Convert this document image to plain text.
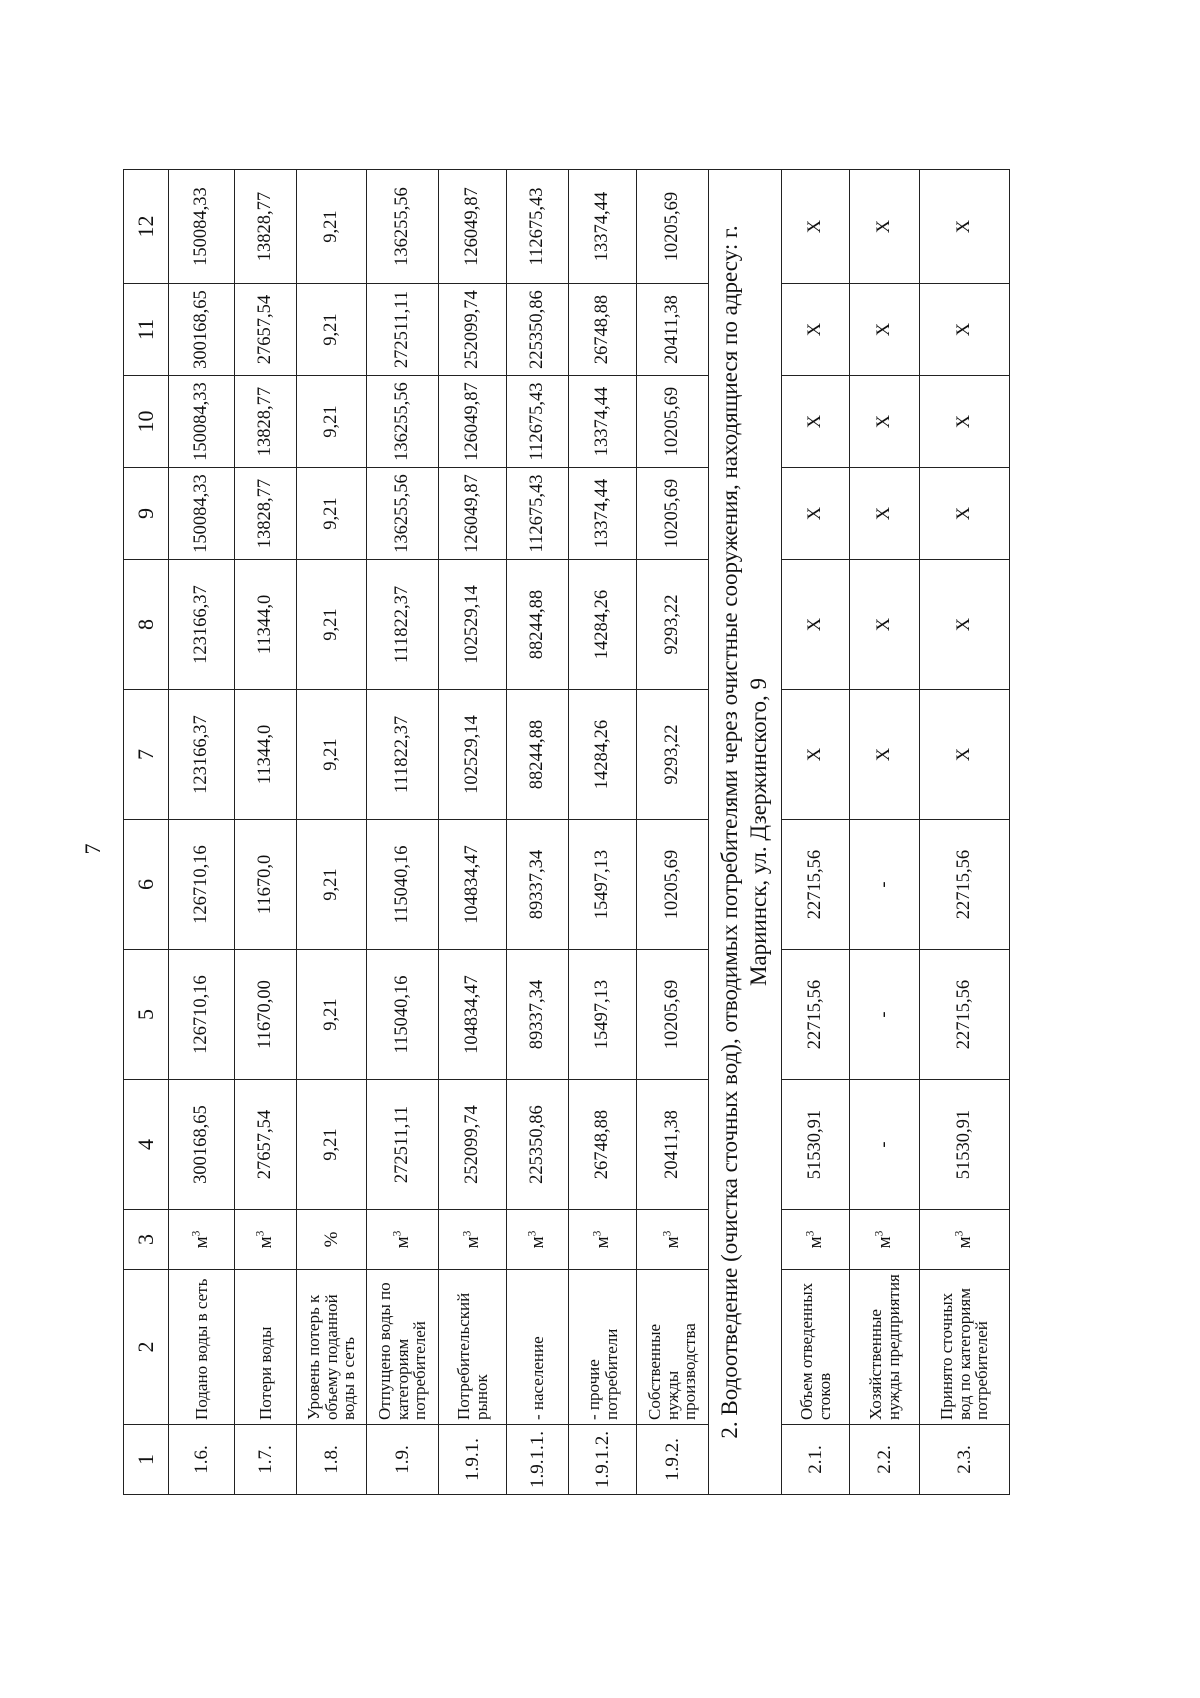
7
1	2	3	4	5	6	7	8	9	10	11	12
1.6.	Подано воды в сеть	$м^3$	300168,65	126710,16	126710,16	123166,37	123166,37	150084,33	150084,33	300168,65	150084,33
1.7.	Потери воды	$м^3$	27657,54	11670,00	11670,0	11344,0	11344,0	13828,77	13828,77	27657,54	13828,77
1.8.	Уровень потерь к объему поданной воды в сеть	%	9,21	9,21	9,21	9,21	9,21	9,21	9,21	9,21	9,21
1.9.	Отпущено воды по категориям потребителей	$м^3$	272511,11	115040,16	115040,16	111822,37	111822,37	136255,56	136255,56	272511,11	136255,56
1.9.1.	Потребительский рынок	$м^3$	252099,74	104834,47	104834,47	102529,14	102529,14	126049,87	126049,87	252099,74	126049,87
1.9.1.1.	- население	$м^3$	225350,86	89337,34	89337,34	88244,88	88244,88	112675,43	112675,43	225350,86	112675,43
1.9.1.2.	- прочие потребители	$м^3$	26748,88	15497,13	15497,13	14284,26	14284,26	13374,44	13374,44	26748,88	13374,44
1.9.2.	Собственные нужды производства	$м^3$	20411,38	10205,69	10205,69	9293,22	9293,22	10205,69	10205,69	20411,38	10205,69
2. Водоотведение (очистка сточных вод), отводимых потребителями через очистные сооружения, находящиеся по адресу: г. Мариинск, ул. Дзержинского, 9											
2.1.	Объем отведенных стоков	$м^3$	51530,91	22715,56	22715,56	Х	Х	Х	Х	Х	Х
2.2.	Хозяйственные нужды предприятия	$м^3$	-	-	-	Х	Х	Х	Х	Х	Х
2.3.	Принято сточных вод по категориям потребителей	$м^3$	51530,91	22715,56	22715,56	Х	Х	Х	Х	Х	Х
